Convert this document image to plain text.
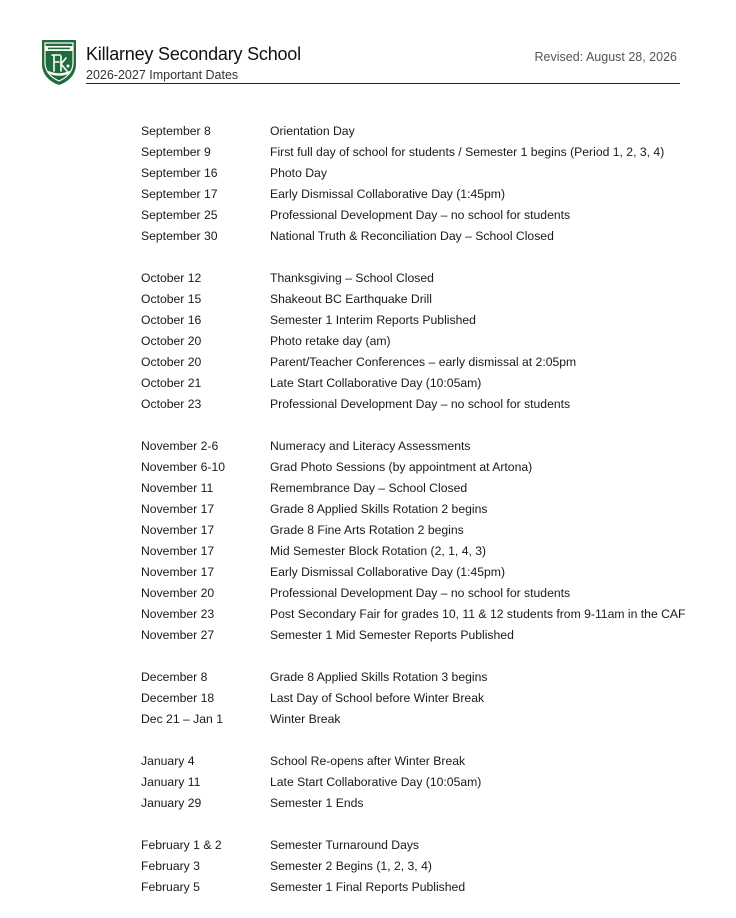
Killarney Secondary School
2026-2027 Important Dates
Revised: August 28, 2026
September 8	Orientation Day
September 9	First full day of school for students / Semester 1 begins (Period 1, 2, 3, 4)
September 16	Photo Day
September 17	Early Dismissal Collaborative Day (1:45pm)
September 25	Professional Development Day – no school for students
September 30	National Truth & Reconciliation Day – School Closed
October 12	Thanksgiving – School Closed
October 15	Shakeout BC Earthquake Drill
October 16	Semester 1 Interim Reports Published
October 20	Photo retake day (am)
October 20	Parent/Teacher Conferences – early dismissal at 2:05pm
October 21	Late Start Collaborative Day (10:05am)
October 23	Professional Development Day – no school for students
November 2-6	Numeracy and Literacy Assessments
November 6-10	Grad Photo Sessions (by appointment at Artona)
November 11	Remembrance Day – School Closed
November 17	Grade 8 Applied Skills Rotation 2 begins
November 17	Grade 8 Fine Arts Rotation 2 begins
November 17	Mid Semester Block Rotation (2, 1, 4, 3)
November 17	Early Dismissal Collaborative Day (1:45pm)
November 20	Professional Development Day – no school for students
November 23	Post Secondary Fair for grades 10, 11 & 12 students from 9-11am in the CAF
November 27	Semester 1 Mid Semester Reports Published
December 8	Grade 8 Applied Skills Rotation 3 begins
December 18	Last Day of School before Winter Break
Dec 21 – Jan 1	Winter Break
January 4	School Re-opens after Winter Break
January 11	Late Start Collaborative Day (10:05am)
January 29	Semester 1 Ends
February 1 & 2	Semester Turnaround Days
February 3	Semester 2 Begins (1, 2, 3, 4)
February 5	Semester 1 Final Reports Published
